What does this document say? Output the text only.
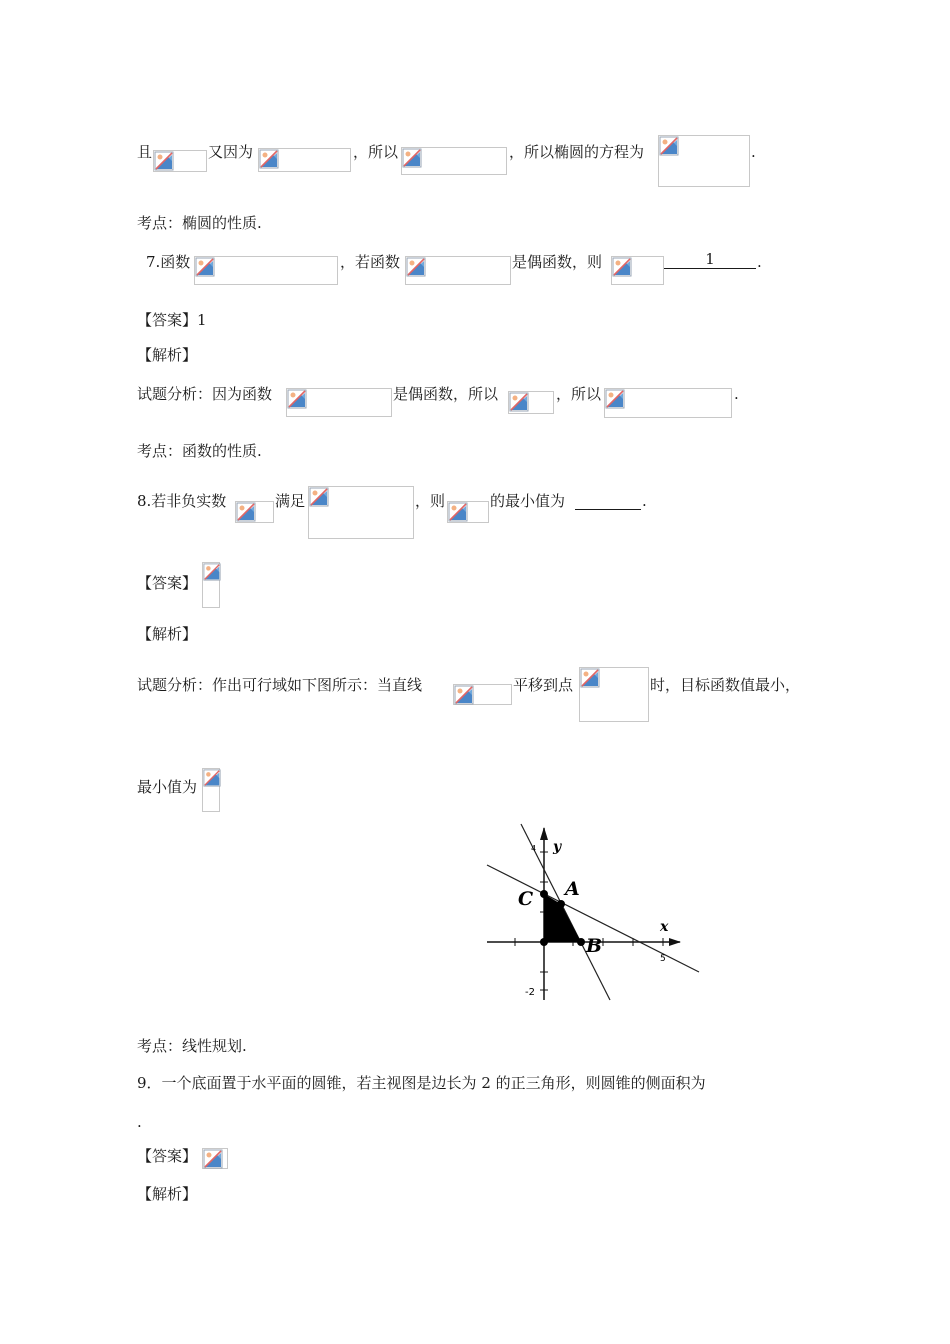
且	又因为	，所以	，所以椭圆的方程为	.
考点：椭圆的性质.
7.函数	，若函数	是偶函数，则	1	.
【答案】1
【解析】
试题分析：因为函数	是偶函数，所以	，所以	.
考点：函数的性质.
8.若非负实数	满足	，则	的最小值为	.
【答案】
【解析】
试题分析：作出可行域如下图所示：当直线	平移到点	时，目标函数值最小，
最小值为
y
x
A
B
C
5
-2
4
考点：线性规划.
9．一个底面置于水平面的圆锥，若主视图是边长为 2 的正三角形，则圆锥的侧面积为
.
【答案】
【解析】
